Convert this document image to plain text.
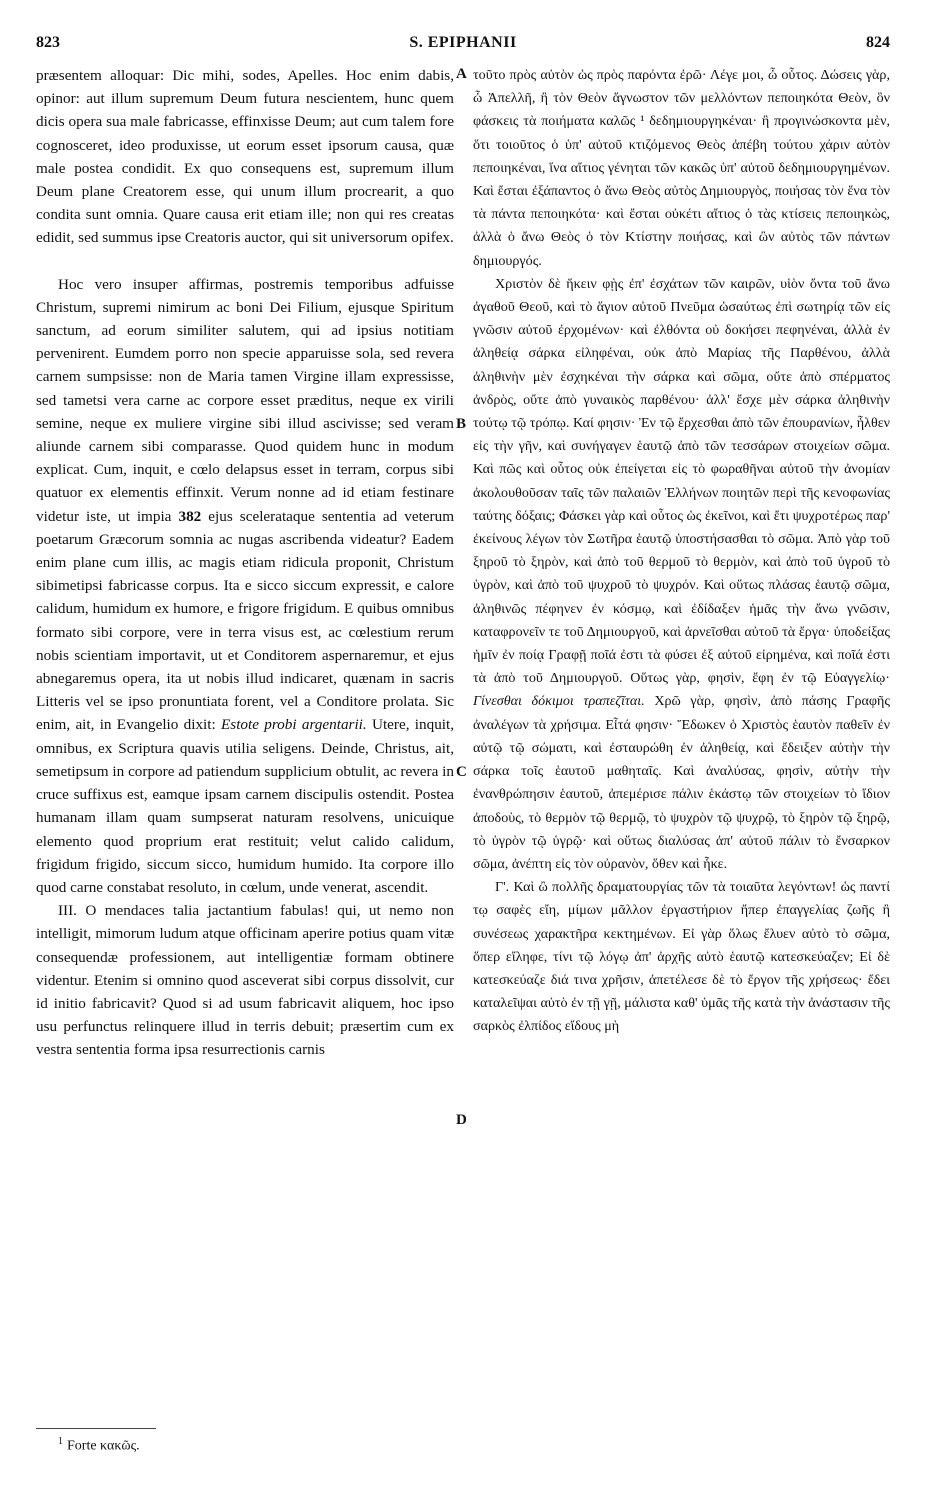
823	S. EPIPHANII	824

præsentem alloquar: Dic mihi, sodes, Apelles. Hoc enim dabis, opinor: aut illum supremum Deum futura nescientem, hunc quem dicis opera sua male fabricasse, effinxisse Deum; aut cum talem fore cognosceret, ideo produxisse, ut eorum esset ipsorum causa, quæ male postea condidit. Ex quo consequens est, supremum illum Deum plane Creatorem esse, qui unum illum procrearit, a quo condita sunt omnia. Quare causa erit etiam ille; non qui res creatas edidit, sed summus ipse Creatoris auctor, qui sit universorum opifex.

Hoc vero insuper affirmas, postremis temporibus adfuisse Christum, supremi nimirum ac boni Dei Filium, ejusque Spiritum sanctum, ad eorum similiter salutem, qui ad ipsius notitiam pervenirent. Eumdem porro non specie apparuisse sola, sed revera carnem sumpsisse: non de Maria tamen Virgine illam expressisse, sed tametsi vera carne ac corpore esset præditus, neque ex virili semine, neque ex muliere virgine sibi illud ascivisse; sed veram aliunde carnem sibi comparasse. Quod quidem hunc in modum explicat. Cum, inquit, e cœlo delapsus esset in terram, corpus sibi quatuor ex elementis effinxit. Verum nonne ad id etiam festinare videtur iste, ut impia 382 ejus scelerataque sententia ad veterum poetarum Græcorum somnia ac nugas ascribenda videatur? Eadem enim plane cum illis, ac magis etiam ridicula proponit, Christum sibimetipsi fabricasse corpus. Ita e sicco siccum expressit, e calore calidum, humidum ex humore, e frigore frigidum. E quibus omnibus formato sibi corpore, vere in terra visus est, ac cœlestium rerum nobis scientiam importavit, ut et Conditorem aspernaremur, et ejus abnegaremus opera, ita ut nobis illud indicaret, quænam in sacris Litteris vel se ipso pronuntiata forent, vel a Conditore prolata. Sic enim, ait, in Evangelio dixit: Estote probi argentarii. Utere, inquit, omnibus, ex Scriptura quavis utilia seligens. Deinde, Christus, ait, semetipsum in corpore ad patiendum supplicium obtulit, ac revera in cruce suffixus est, eamque ipsam carnem discipulis ostendit. Postea humanam illam quam sumpserat naturam resolvens, unicuique elemento quod proprium erat restituit; velut calido calidum, frigidum frigido, siccum sicco, humidum humido. Ita corpore illo quod carne constabat resoluto, in cœlum, unde venerat, ascendit.

III. O mendaces talia jactantium fabulas! qui, ut nemo non intelligit, mimorum ludum atque officinam aperire potius quam vitæ consequendæ professionem, aut intelligentiæ formam obtinere videntur. Etenim si omnino quod asceverat sibi corpus dissolvit, cur id initio fabricavit? Quod si ad usum fabricavit aliquem, hoc ipso usu perfunctus relinquere illud in terris debuit; præsertim cum ex vestra sententia forma ipsa resurrectionis carnis

A
B
C
D

τοῦτο πρὸς αὐτὸν ὡς πρὸς παρόντα ἐρῶ· Λέγε μοι, ὦ οὗτος. Δώσεις γὰρ, ὦ Ἀπελλῆ, ἢ τὸν Θεὸν ἄγνωστον τῶν μελλόντων πεποιηκότα Θεὸν, ὃν φάσκεις τὰ ποιήματα καλῶς ¹ δεδημιουργηκέναι· ἢ προγινώσκοντα μὲν, ὅτι τοιοῦτος ὁ ὑπ' αὐτοῦ κτιζόμενος Θεὸς ἀπέβη τούτου χάριν αὐτὸν πεποιηκέναι, ἵνα αἴτιος γένηται τῶν κακῶς ὑπ' αὐτοῦ δεδημιουργημένων. Καὶ ἔσται ἐξάπαντος ὁ ἄνω Θεὸς αὐτὸς Δημιουργὸς, ποιήσας τὸν ἕνα τὸν τὰ πάντα πεποιηκότα· καὶ ἔσται οὐκέτι αἴτιος ὁ τὰς κτίσεις πεποιηκὼς, ἀλλὰ ὁ ἄνω Θεὸς ὁ τὸν Κτίστην ποιήσας, καὶ ὢν αὐτὸς τῶν πάντων δημιουργός.

Χριστὸν δὲ ἥκειν φῂς ἐπ' ἐσχάτων τῶν καιρῶν, υἱὸν ὄντα τοῦ ἄνω ἀγαθοῦ Θεοῦ, καὶ τὸ ἅγιον αὐτοῦ Πνεῦμα ὡσαύτως ἐπὶ σωτηρίᾳ τῶν εἰς γνῶσιν αὐτοῦ ἐρχομένων· καὶ ἐλθόντα οὐ δοκήσει πεφηνέναι, ἀλλὰ ἐν ἀληθείᾳ σάρκα εἰληφέναι, οὐκ ἀπὸ Μαρίας τῆς Παρθένου, ἀλλὰ ἀληθινὴν μὲν ἐσχηκέναι τὴν σάρκα καὶ σῶμα, οὔτε ἀπὸ σπέρματος ἀνδρὸς, οὔτε ἀπὸ γυναικὸς παρθένου· ἀλλ' ἔσχε μὲν σάρκα ἀληθινὴν τούτῳ τῷ τρόπῳ. Καί φησιν· Ἐν τῷ ἔρχεσθαι ἀπὸ τῶν ἐπουρανίων, ἦλθεν εἰς τὴν γῆν, καὶ συνήγαγεν ἑαυτῷ ἀπὸ τῶν τεσσάρων στοιχείων σῶμα. Καὶ πῶς καὶ οὗτος οὐκ ἐπείγεται εἰς τὸ φωραθῆναι αὐτοῦ τὴν ἀνομίαν ἀκολουθοῦσαν ταῖς τῶν παλαιῶν Ἑλλήνων ποιητῶν περὶ τῆς κενοφωνίας ταύτης δόξαις; Φάσκει γὰρ καὶ οὗτος ὡς ἐκεῖνοι, καὶ ἔτι ψυχροτέρως παρ' ἐκείνους λέγων τὸν Σωτῆρα ἑαυτῷ ὑποστήσασθαι τὸ σῶμα. Ἀπὸ γὰρ τοῦ ξηροῦ τὸ ξηρὸν, καὶ ἀπὸ τοῦ θερμοῦ τὸ θερμὸν, καὶ ἀπὸ τοῦ ὑγροῦ τὸ ὑγρὸν, καὶ ἀπὸ τοῦ ψυχροῦ τὸ ψυχρόν. Καὶ οὕτως πλάσας ἑαυτῷ σῶμα, ἀληθινῶς πέφηνεν ἐν κόσμῳ, καὶ ἐδίδαξεν ἡμᾶς τὴν ἄνω γνῶσιν, καταφρονεῖν τε τοῦ Δημιουργοῦ, καὶ ἀρνεῖσθαι αὐτοῦ τὰ ἔργα· ὑποδείξας ἡμῖν ἐν ποίᾳ Γραφῇ ποῖά ἐστι τὰ φύσει ἐξ αὐτοῦ εἰρημένα, καὶ ποῖά ἐστι τὰ ἀπὸ τοῦ Δημιουργοῦ. Οὕτως γὰρ, φησὶν, ἔφη ἐν τῷ Εὐαγγελίῳ· Γίνεσθαι δόκιμοι τραπεζῖται. Χρῶ γὰρ, φησὶν, ἀπὸ πάσης Γραφῆς ἀναλέγων τὰ χρήσιμα. Εἶτά φησιν· Ἔδωκεν ὁ Χριστὸς ἑαυτὸν παθεῖν ἐν αὐτῷ τῷ σώματι, καὶ ἐσταυρώθη ἐν ἀληθείᾳ, καὶ ἔδειξεν αὐτὴν τὴν σάρκα τοῖς ἑαυτοῦ μαθηταῖς. Καὶ ἀναλύσας, φησὶν, αὐτὴν τὴν ἐνανθρώπησιν ἑαυτοῦ, ἀπεμέρισε πάλιν ἑκάστῳ τῶν στοιχείων τὸ ἴδιον ἀποδοὺς, τὸ θερμὸν τῷ θερμῷ, τὸ ψυχρὸν τῷ ψυχρῷ, τὸ ξηρὸν τῷ ξηρῷ, τὸ ὑγρὸν τῷ ὑγρῷ· καὶ οὕτως διαλύσας ἀπ' αὐτοῦ πάλιν τὸ ἔνσαρκον σῶμα, ἀνέπτη εἰς τὸν οὐρανὸν, ὅθεν καὶ ἧκε.

Γ'. Καὶ ὢ πολλῆς δραματουργίας τῶν τὰ τοιαῦτα λεγόντων! ὡς παντί τῳ σαφὲς εἴη, μίμων μᾶλλον ἐργαστήριον ἤπερ ἐπαγγελίας ζωῆς ἢ συνέσεως χαρακτῆρα κεκτημένων. Εἰ γὰρ ὅλως ἔλυεν αὐτὸ τὸ σῶμα, ὅπερ εἴληφε, τίνι τῷ λόγῳ ἀπ' ἀρχῆς αὐτὸ ἑαυτῷ κατεσκεύαζεν; Εἰ δὲ κατεσκεύαζε διά τινα χρῆσιν, ἀπετέλεσε δὲ τὸ ἔργον τῆς χρήσεως· ἔδει καταλεῖψαι αὐτὸ ἐν τῇ γῇ, μάλιστα καθ' ὑμᾶς τῆς κατὰ τὴν ἀνάστασιν τῆς σαρκὸς ἐλπίδος εἴδους μὴ

$^1$ Forte κακῶς.
